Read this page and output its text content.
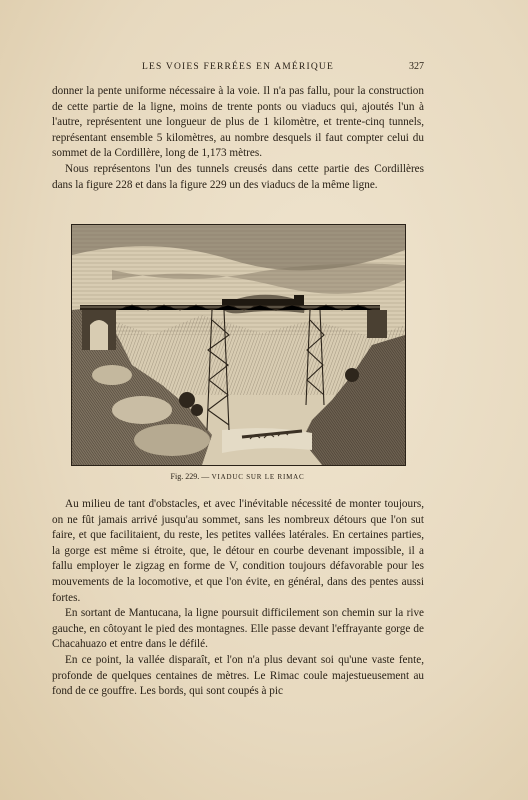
LES VOIES FERRÉES EN AMÉRIQUE	327

donner la pente uniforme nécessaire à la voie. Il n'a pas fallu, pour la construction de cette partie de la ligne, moins de trente ponts ou viaducs qui, ajoutés l'un à l'autre, représentent une longueur de plus de 1 kilomètre, et trente-cinq tunnels, représentant ensemble 5 kilomètres, au nombre desquels il faut compter celui du sommet de la Cordillère, long de 1,173 mètres.

Nous représentons l'un des tunnels creusés dans cette partie des Cordillères dans la figure 228 et dans la figure 229 un des viaducs de la même ligne.

Fig. 229. — VIADUC SUR LE RIMAC

Au milieu de tant d'obstacles, et avec l'inévitable nécessité de monter toujours, on ne fût jamais arrivé jusqu'au sommet, sans les nombreux détours que l'on sut faire, et que facilitaient, du reste, les petites vallées latérales. En certaines parties, la gorge est même si étroite, que, le détour en courbe devenant impossible, il a fallu employer le zigzag en forme de V, condition toujours défavorable pour les mouvements de la locomotive, et que l'on évite, en général, dans des pentes aussi fortes.

En sortant de Mantucana, la ligne poursuit difficilement son chemin sur la rive gauche, en côtoyant le pied des montagnes. Elle passe devant l'effrayante gorge de Chacahuazo et entre dans le défilé.

En ce point, la vallée disparaît, et l'on n'a plus devant soi qu'une vaste fente, profonde de quelques centaines de mètres. Le Rimac coule majestueusement au fond de ce gouffre. Les bords, qui sont coupés à pic
